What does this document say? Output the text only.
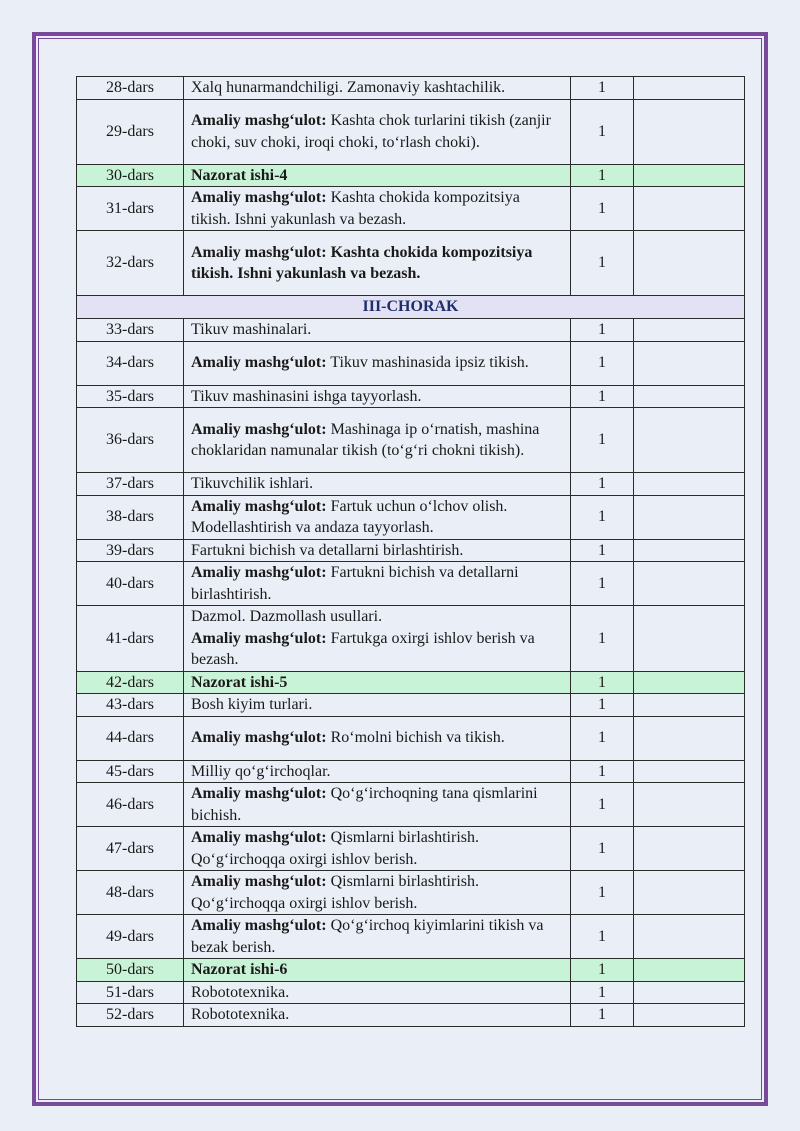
28-dars	Xalq hunarmandchiligi. Zamonaviy kashtachilik.	1	
29-dars	Amaliy mashg‘ulot: Kashta chok turlarini tikish (zanjir choki, suv choki, iroqi choki, to‘rlash choki).	1	
30-dars	Nazorat ishi-4	1	
31-dars	Amaliy mashg‘ulot: Kashta chokida kompozitsiya tikish. Ishni yakunlash va bezash.	1	
32-dars	Amaliy mashg‘ulot: Kashta chokida kompozitsiya tikish. Ishni yakunlash va bezash.	1	
III-CHORAK			
33-dars	Tikuv mashinalari.	1	
34-dars	Amaliy mashg‘ulot: Tikuv mashinasida ipsiz tikish.	1	
35-dars	Tikuv mashinasini ishga tayyorlash.	1	
36-dars	Amaliy mashg‘ulot: Mashinaga ip o‘rnatish, mashina choklaridan namunalar tikish (to‘g‘ri chokni tikish).	1	
37-dars	Tikuvchilik ishlari.	1	
38-dars	Amaliy mashg‘ulot: Fartuk uchun o‘lchov olish. Modellashtirish va andaza tayyorlash.	1	
39-dars	Fartukni bichish va detallarni birlashtirish.	1	
40-dars	Amaliy mashg‘ulot: Fartukni bichish va detallarni birlashtirish.	1	
41-dars	Dazmol. Dazmollash usullari.
Amaliy mashg‘ulot: Fartukga oxirgi ishlov berish va bezash.	1	
42-dars	Nazorat ishi-5	1	
43-dars	Bosh kiyim turlari.	1	
44-dars	Amaliy mashg‘ulot: Ro‘molni bichish va tikish.	1	
45-dars	Milliy qo‘g‘irchoqlar.	1	
46-dars	Amaliy mashg‘ulot: Qo‘g‘irchoqning tana qismlarini bichish.	1	
47-dars	Amaliy mashg‘ulot: Qismlarni birlashtirish. Qo‘g‘irchoqqa oxirgi ishlov berish.	1	
48-dars	Amaliy mashg‘ulot: Qismlarni birlashtirish. Qo‘g‘irchoqqa oxirgi ishlov berish.	1	
49-dars	Amaliy mashg‘ulot: Qo‘g‘irchoq kiyimlarini tikish va bezak berish.	1	
50-dars	Nazorat ishi-6	1	
51-dars	Robototexnika.	1	
52-dars	Robototexnika.	1	
